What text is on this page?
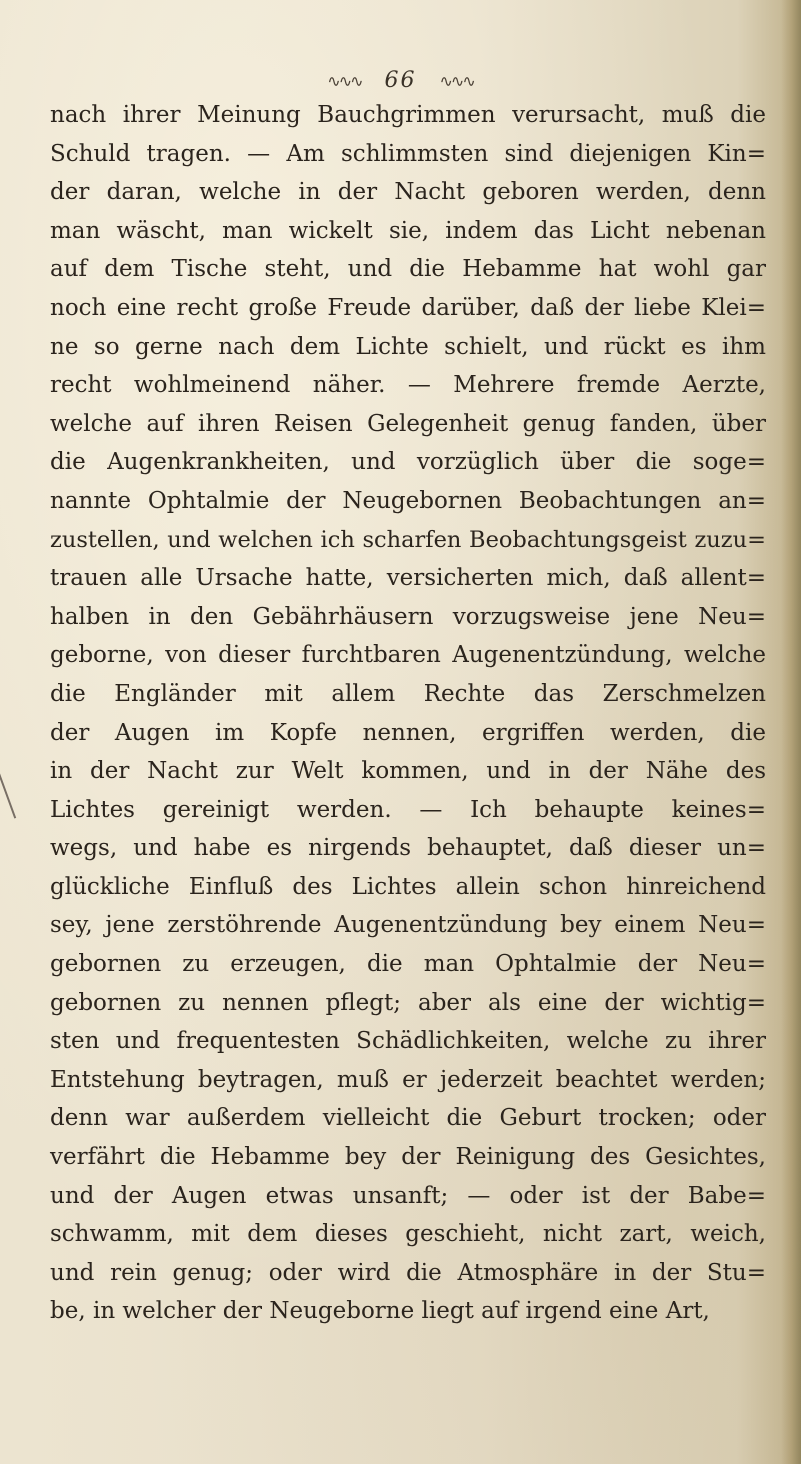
∿∿∿ 66 ∿∿∿
nach ihrer Meinung Bauchgrimmen verursacht, muß die
Schuld tragen. — Am schlimmsten sind diejenigen Kin=
der daran, welche in der Nacht geboren werden, denn
man wäscht, man wickelt sie, indem das Licht nebenan
auf dem Tische steht, und die Hebamme hat wohl gar
noch eine recht große Freude darüber, daß der liebe Klei=
ne so gerne nach dem Lichte schielt, und rückt es ihm
recht wohlmeinend näher. — Mehrere fremde Aerzte,
welche auf ihren Reisen Gelegenheit genug fanden, über
die Augenkrankheiten, und vorzüglich über die soge=
nannte Ophtalmie der Neugebornen Beobachtungen an=
zustellen, und welchen ich scharfen Beobachtungsgeist zuzu=
trauen alle Ursache hatte, versicherten mich, daß allent=
halben in den Gebährhäusern vorzugsweise jene Neu=
geborne, von dieser furchtbaren Augenentzündung, welche
die Engländer mit allem Rechte das Zerschmelzen
der Augen im Kopfe nennen, ergriffen werden, die
in der Nacht zur Welt kommen, und in der Nähe des
Lichtes gereinigt werden. — Ich behaupte keines=
wegs, und habe es nirgends behauptet, daß dieser un=
glückliche Einfluß des Lichtes allein schon hinreichend
sey, jene zerstöhrende Augenentzündung bey einem Neu=
gebornen zu erzeugen, die man Ophtalmie der Neu=
gebornen zu nennen pflegt; aber als eine der wichtig=
sten und frequentesten Schädlichkeiten, welche zu ihrer
Entstehung beytragen, muß er jederzeit beachtet werden;
denn war außerdem vielleicht die Geburt trocken; oder
verfährt die Hebamme bey der Reinigung des Gesichtes,
und der Augen etwas unsanft; — oder ist der Babe=
schwamm, mit dem dieses geschieht, nicht zart, weich,
und rein genug; oder wird die Atmosphäre in der Stu=
be, in welcher der Neugeborne liegt auf irgend eine Art,
